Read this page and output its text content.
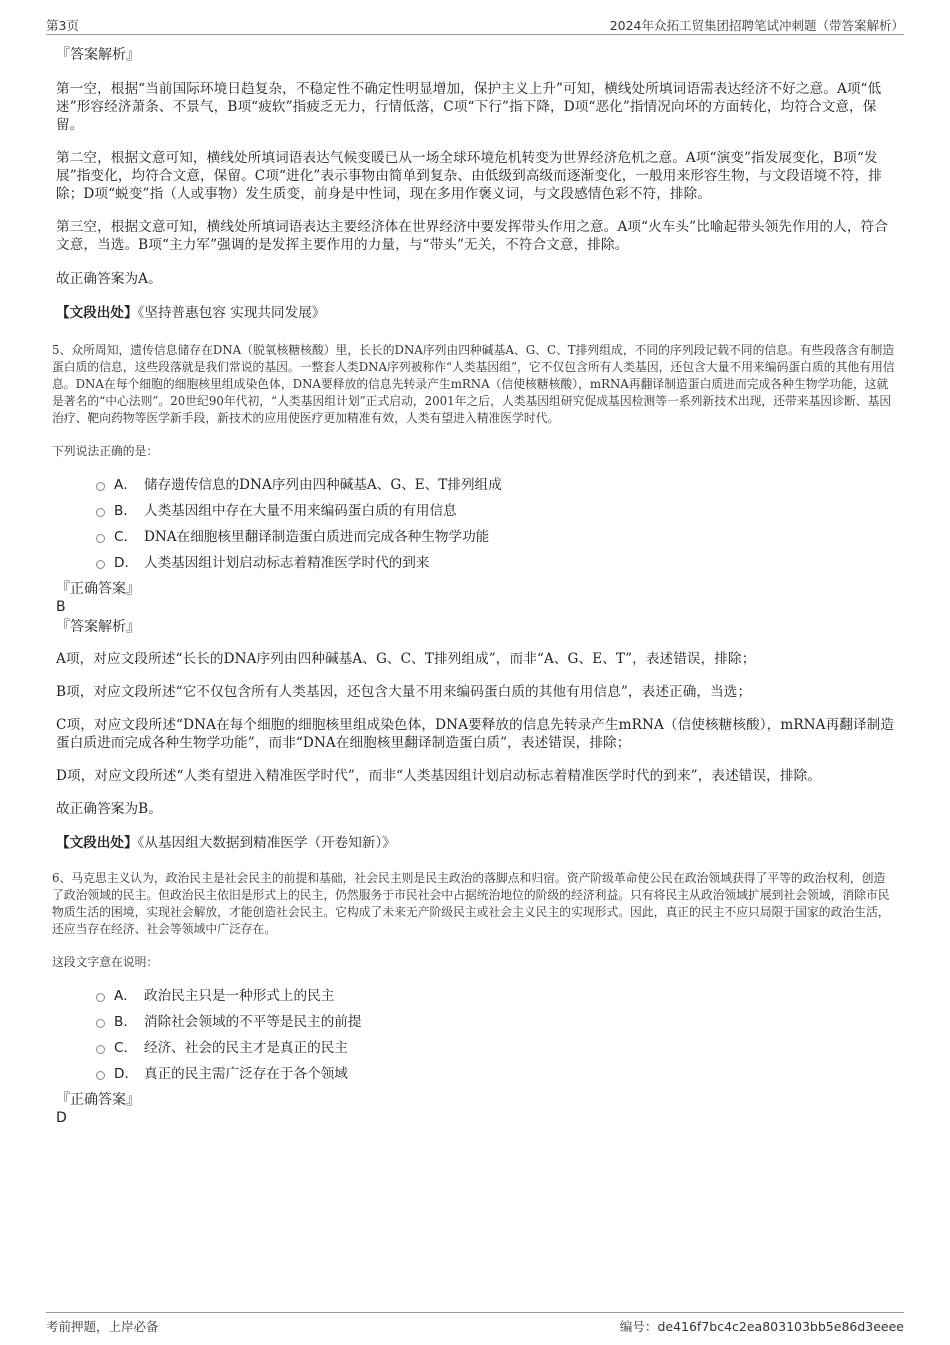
第3页	2024年众拓工贸集团招聘笔试冲刺题（带答案解析）

『答案解析』

第一空，根据“当前国际环境日趋复杂，不稳定性不确定性明显增加，保护主义上升”可知，横线处所填词语需表达经济不好之意。A项“低迷”形容经济萧条、不景气，B项“疲软”指疲乏无力，行情低落，C项“下行”指下降，D项“恶化”指情况向坏的方面转化，均符合文意，保留。

第二空，根据文意可知，横线处所填词语表达气候变暖已从一场全球环境危机转变为世界经济危机之意。A项“演变”指发展变化，B项“发展”指变化，均符合文意，保留。C项“进化”表示事物由简单到复杂、由低级到高级而逐渐变化，一般用来形容生物，与文段语境不符，排除；D项“蜕变”指（人或事物）发生质变，前身是中性词，现在多用作褒义词，与文段感情色彩不符，排除。

第三空，根据文意可知，横线处所填词语表达主要经济体在世界经济中要发挥带头作用之意。A项“火车头”比喻起带头领先作用的人，符合文意，当选。B项“主力军”强调的是发挥主要作用的力量，与“带头”无关，不符合文意，排除。

故正确答案为A。

【文段出处】《坚持普惠包容 实现共同发展》

5、众所周知，遗传信息储存在DNA（脱氧核糖核酸）里，长长的DNA序列由四种碱基A、G、C、T排列组成，不同的序列段记载不同的信息。有些段落含有制造蛋白质的信息，这些段落就是我们常说的基因。一整套人类DNA序列被称作“人类基因组”，它不仅包含所有人类基因，还包含大量不用来编码蛋白质的其他有用信息。DNA在每个细胞的细胞核里组成染色体，DNA要释放的信息先转录产生mRNA（信使核糖核酸），mRNA再翻译制造蛋白质进而完成各种生物学功能，这就是著名的“中心法则”。20世纪90年代初，“人类基因组计划”正式启动，2001年之后，人类基因组研究促成基因检测等一系列新技术出现，还带来基因诊断、基因治疗、靶向药物等医学新手段，新技术的应用使医疗更加精准有效，人类有望进入精准医学时代。

下列说法正确的是：

A． 储存遗传信息的DNA序列由四种碱基A、G、E、T排列组成
B． 人类基因组中存在大量不用来编码蛋白质的有用信息
C． DNA在细胞核里翻译制造蛋白质进而完成各种生物学功能
D． 人类基因组计划启动标志着精准医学时代的到来

『正确答案』

B

『答案解析』

A项，对应文段所述“长长的DNA序列由四种碱基A、G、C、T排列组成”，而非“A、G、E、T”，表述错误，排除；

B项，对应文段所述“它不仅包含所有人类基因，还包含大量不用来编码蛋白质的其他有用信息”，表述正确，当选；

C项，对应文段所述“DNA在每个细胞的细胞核里组成染色体，DNA要释放的信息先转录产生mRNA（信使核糖核酸），mRNA再翻译制造蛋白质进而完成各种生物学功能”，而非“DNA在细胞核里翻译制造蛋白质”，表述错误，排除；

D项，对应文段所述“人类有望进入精准医学时代”，而非“人类基因组计划启动标志着精准医学时代的到来”，表述错误，排除。

故正确答案为B。

【文段出处】《从基因组大数据到精准医学（开卷知新）》

6、马克思主义认为，政治民主是社会民主的前提和基础，社会民主则是民主政治的落脚点和归宿。资产阶级革命使公民在政治领域获得了平等的政治权利，创造了政治领域的民主。但政治民主依旧是形式上的民主，仍然服务于市民社会中占据统治地位的阶级的经济利益。只有将民主从政治领域扩展到社会领域，消除市民物质生活的困境，实现社会解放，才能创造社会民主。它构成了未来无产阶级民主或社会主义民主的实现形式。因此，真正的民主不应只局限于国家的政治生活，还应当存在经济、社会等领域中广泛存在。

这段文字意在说明：

A． 政治民主只是一种形式上的民主
B． 消除社会领域的不平等是民主的前提
C． 经济、社会的民主才是真正的民主
D． 真正的民主需广泛存在于各个领域

『正确答案』

D

考前押题，上岸必备	编号：de416f7bc4c2ea803103bb5e86d3eeee
